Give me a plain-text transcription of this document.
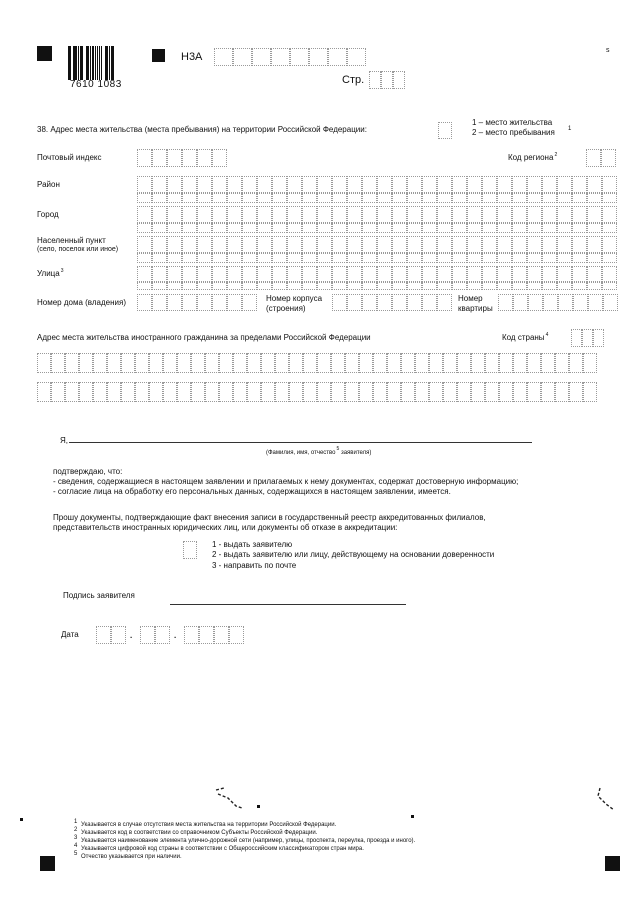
7610 1083
Н3А
s
Стр.
38. Адрес места жительства (места пребывания) на территории Российской Федерации:
1 – место жительства
1
2 – место пребывания
Почтовый индекс	Код региона$^2$
Район
Город
Населенный пункт
(село, поселок или иное)
Улица$^3$
Номер дома (владения)	Номер корпуса
(строения)
Номер
квартиры
Адрес места жительства иностранного гражданина за пределами Российской Федерации	Код страны$^4$
Я,
(Фамилия, имя, отчество$^5$ заявителя)
подтверждаю, что:
- сведения, содержащиеся в настоящем заявлении и прилагаемых к нему документах, содержат достоверную информацию;
- согласие лица на обработку его персональных данных, содержащихся в настоящем заявлении, имеется.
Прошу документы, подтверждающие факт внесения записи в государственный реестр аккредитованных филиалов,
представительств иностранных юридических лиц, или документы об отказе в аккредитации:
1 - выдать заявителю
2 - выдать заявителю или лицу, действующему на основании доверенности
3 - направить по почте
Подпись заявителя
Дата	.	.
1
2
3
4
5
Указывается в случае отсутствия места жительства на территории Российской Федерации.
Указывается код в соответствии со справочником Субъекты Российской Федерации.
Указывается наименование элемента улично-дорожной сети (например, улицы, проспекта, переулка, проезда и иного).
Указывается цифровой код страны в соответствии с Общероссийским классификатором стран мира.
Отчество указывается при наличии.
